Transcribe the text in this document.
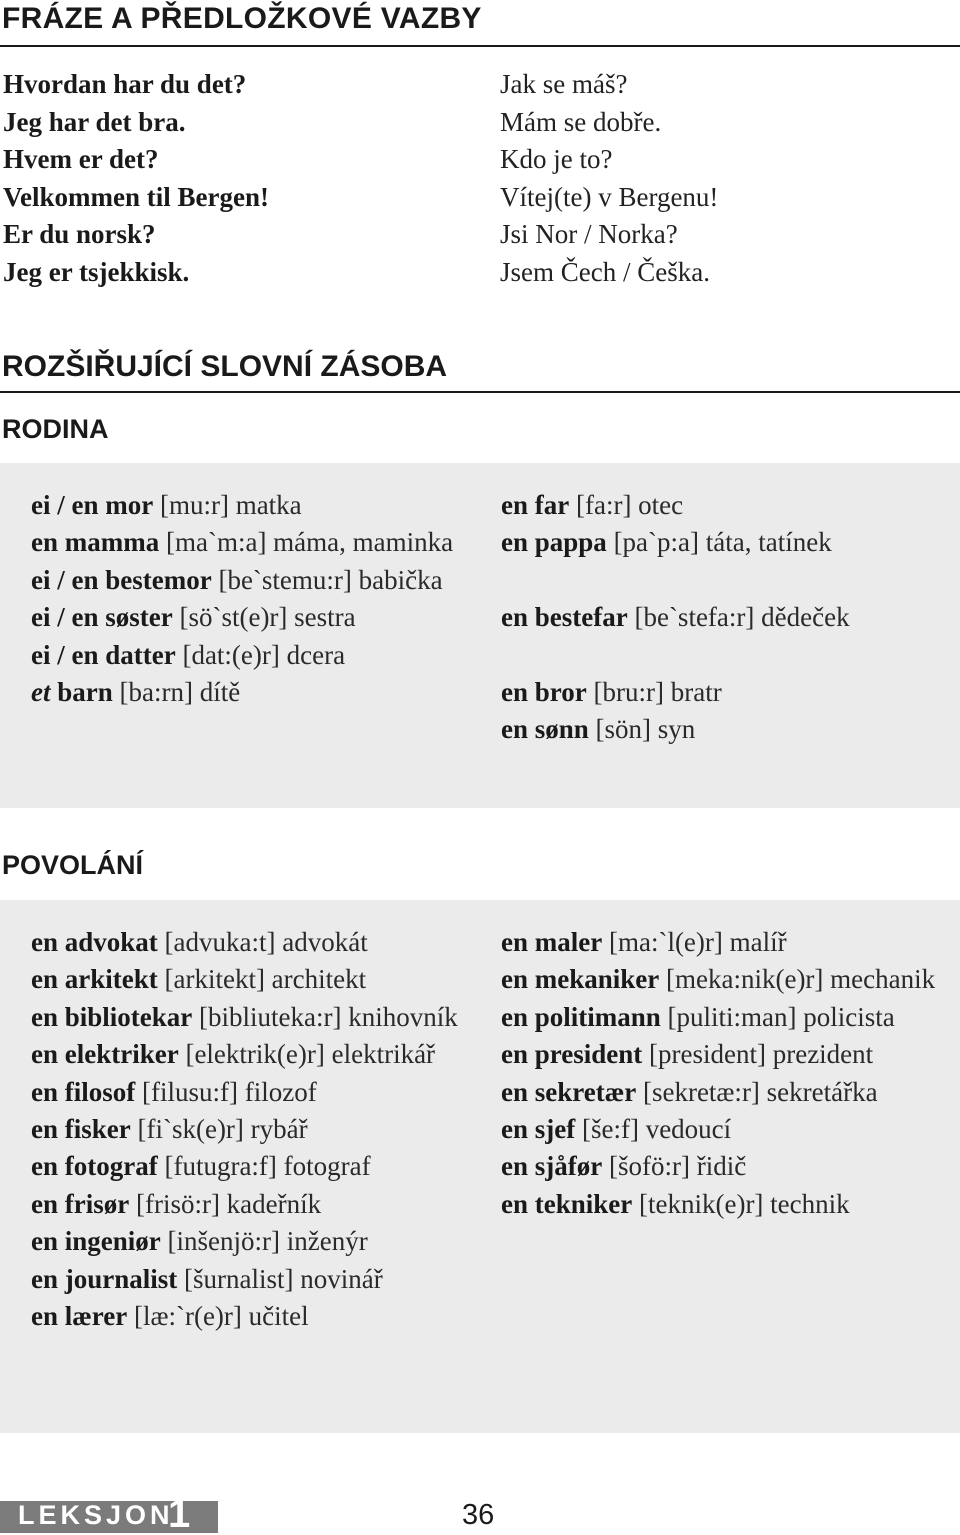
FRÁZE A PŘEDLOŽKOVÉ VAZBY
Hvordan har du det?
Jeg har det bra.
Hvem er det?
Velkommen til Bergen!
Er du norsk?
Jeg er tsjekkisk.
Jak se máš?
Mám se dobře.
Kdo je to?
Vítej(te) v Bergenu!
Jsi Nor / Norka?
Jsem Čech / Češka.
ROZŠIŘUJÍCÍ SLOVNÍ ZÁSOBA
RODINA
ei / en mor [mu:r] matka
en mamma [ma`m:a] máma, maminka
ei / en bestemor [be`stemu:r] babička
ei / en søster [sö`st(e)r] sestra
ei / en datter [dat:(e)r] dcera
et barn [ba:rn] dítě
en far [fa:r] otec
en pappa [pa`p:a] táta, tatínek
en bestefar [be`stefa:r] dědeček
en bror [bru:r] bratr
en sønn [sön] syn
POVOLÁNÍ
en advokat [advuka:t] advokát
en arkitekt [arkitekt] architekt
en bibliotekar [bibliuteka:r] knihovník
en elektriker [elektrik(e)r] elektrikář
en filosof [filusu:f] filozof
en fisker [fi`sk(e)r] rybář
en fotograf [futugra:f] fotograf
en frisør [frisö:r] kadeřník
en ingeniør [inšenjö:r] inženýr
en journalist [šurnalist] novinář
en lærer [læ:`r(e)r] učitel
en maler [ma:`l(e)r] malíř
en mekaniker [meka:nik(e)r] mechanik
en politimann [puliti:man] policista
en president [president] prezident
en sekretær [sekretæ:r] sekretářka
en sjef [še:f] vedoucí
en sjåfør [šofö:r] řidič
en tekniker [teknik(e)r] technik
LEKSJON
1	36
